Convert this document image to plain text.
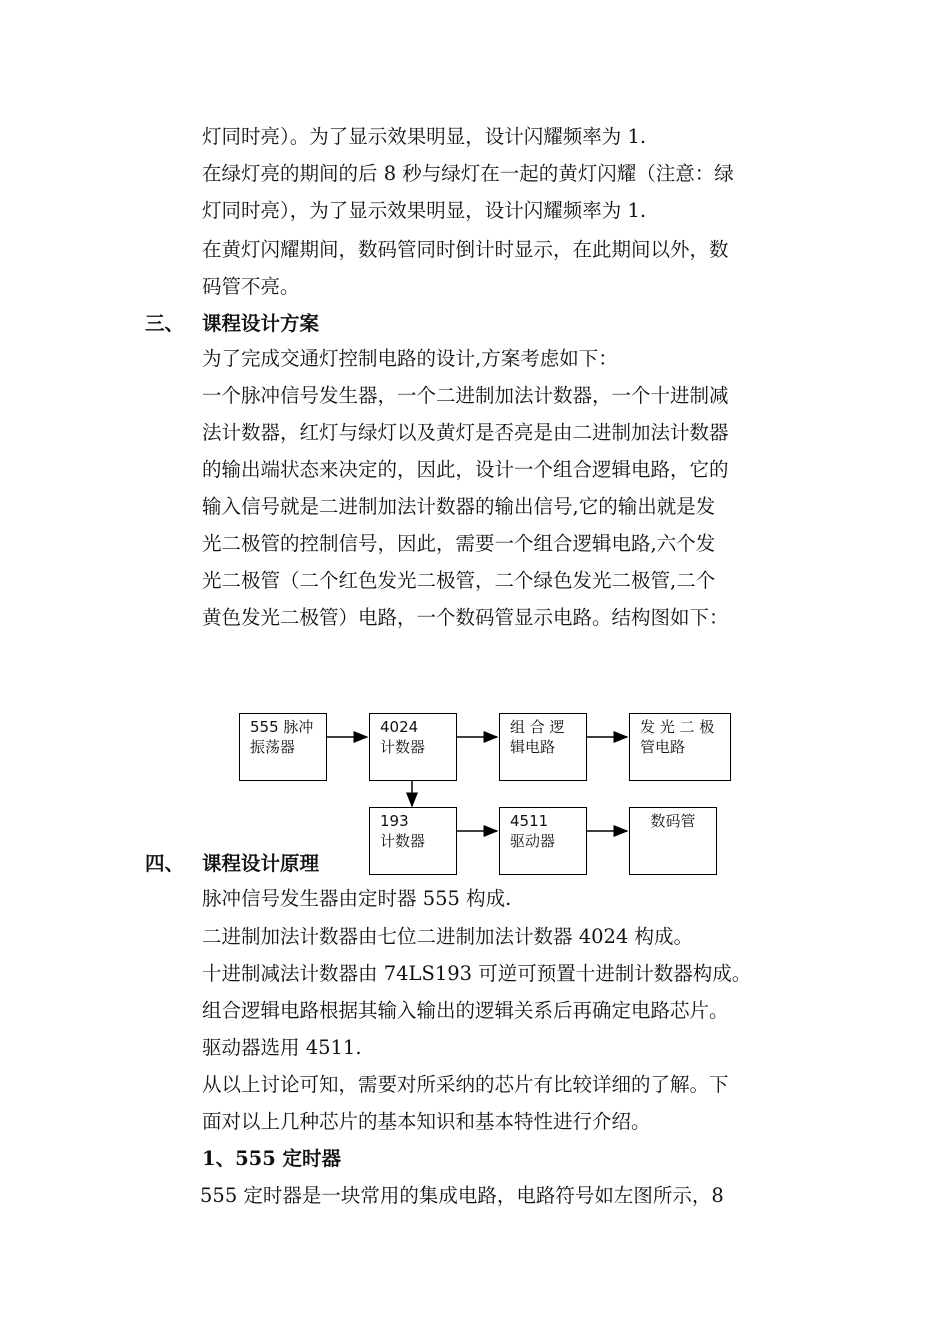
灯同时亮）。为了显示效果明显，设计闪耀频率为 1.
在绿灯亮的期间的后 8 秒与绿灯在一起的黄灯闪耀（注意：绿
灯同时亮），为了显示效果明显，设计闪耀频率为 1.
在黄灯闪耀期间，数码管同时倒计时显示，在此期间以外，数
码管不亮。
三、 课程设计方案
为了完成交通灯控制电路的设计,方案考虑如下：
一个脉冲信号发生器，一个二进制加法计数器，一个十进制减
法计数器，红灯与绿灯以及黄灯是否亮是由二进制加法计数器
的输出端状态来决定的，因此，设计一个组合逻辑电路，它的
输入信号就是二进制加法计数器的输出信号,它的输出就是发
光二极管的控制信号，因此，需要一个组合逻辑电路,六个发
光二极管（二个红色发光二极管，二个绿色发光二极管,二个
黄色发光二极管）电路，一个数码管显示电路。结构图如下：
555 脉冲
振荡器
4024
计数器
组 合 逻
辑电路
发 光 二 极
管电路
193
计数器
4511
驱动器
数码管
四、 课程设计原理
脉冲信号发生器由定时器 555 构成.
二进制加法计数器由七位二进制加法计数器 4024 构成。
十进制减法计数器由 74LS193 可逆可预置十进制计数器构成。
组合逻辑电路根据其输入输出的逻辑关系后再确定电路芯片。
驱动器选用 4511.
从以上讨论可知，需要对所采纳的芯片有比较详细的了解。下
面对以上几种芯片的基本知识和基本特性进行介绍。
1、555 定时器
555 定时器是一块常用的集成电路，电路符号如左图所示，8
